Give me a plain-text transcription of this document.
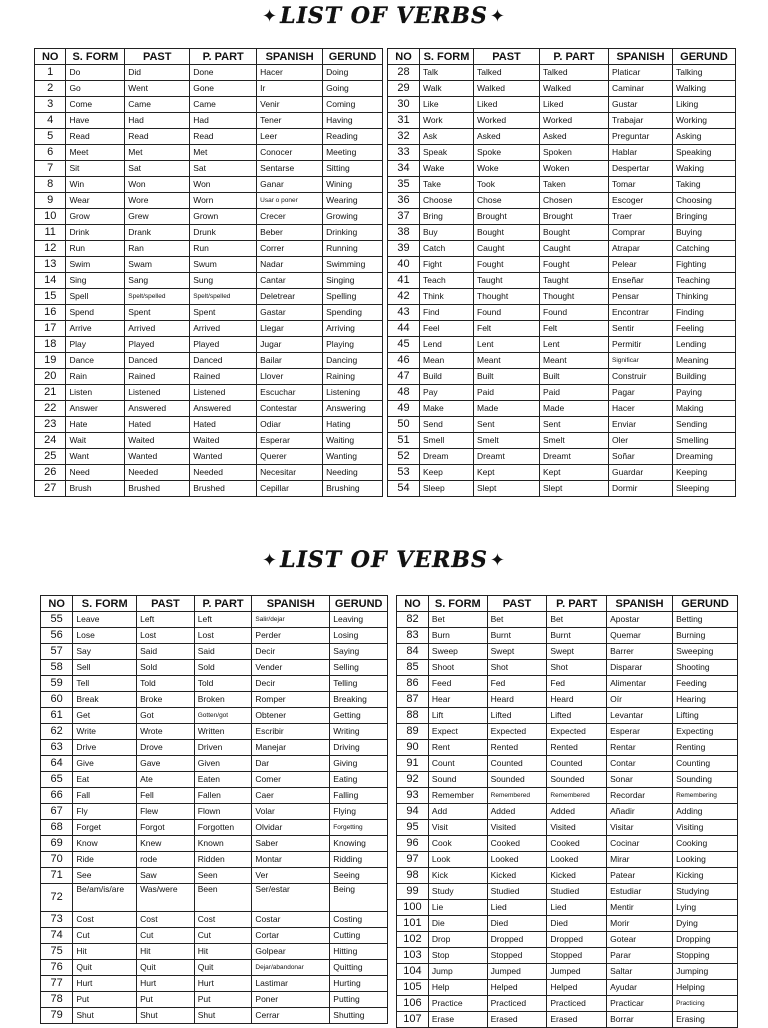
✦LIST OF VERBS ✦
NO	S. FORM	PAST	P. PART	SPANISH	GERUND
1	Do	Did	Done	Hacer	Doing
2	Go	Went	Gone	Ir	Going
3	Come	Came	Came	Venir	Coming
4	Have	Had	Had	Tener	Having
5	Read	Read	Read	Leer	Reading
6	Meet	Met	Met	Conocer	Meeting
7	Sit	Sat	Sat	Sentarse	Sitting
8	Win	Won	Won	Ganar	Wining
9	Wear	Wore	Worn	Usar o poner	Wearing
10	Grow	Grew	Grown	Crecer	Growing
11	Drink	Drank	Drunk	Beber	Drinking
12	Run	Ran	Run	Correr	Running
13	Swim	Swam	Swum	Nadar	Swimming
14	Sing	Sang	Sung	Cantar	Singing
15	Spell	Spelt/spelled	Spelt/spelled	Deletrear	Spelling
16	Spend	Spent	Spent	Gastar	Spending
17	Arrive	Arrived	Arrived	Llegar	Arriving
18	Play	Played	Played	Jugar	Playing
19	Dance	Danced	Danced	Bailar	Dancing
20	Rain	Rained	Rained	Llover	Raining
21	Listen	Listened	Listened	Escuchar	Listening
22	Answer	Answered	Answered	Contestar	Answering
23	Hate	Hated	Hated	Odiar	Hating
24	Wait	Waited	Waited	Esperar	Waiting
25	Want	Wanted	Wanted	Querer	Wanting
26	Need	Needed	Needed	Necesitar	Needing
27	Brush	Brushed	Brushed	Cepillar	Brushing
NO	S. FORM	PAST	P. PART	SPANISH	GERUND
28	Talk	Talked	Talked	Platicar	Talking
29	Walk	Walked	Walked	Caminar	Walking
30	Like	Liked	Liked	Gustar	Liking
31	Work	Worked	Worked	Trabajar	Working
32	Ask	Asked	Asked	Preguntar	Asking
33	Speak	Spoke	Spoken	Hablar	Speaking
34	Wake	Woke	Woken	Despertar	Waking
35	Take	Took	Taken	Tomar	Taking
36	Choose	Chose	Chosen	Escoger	Choosing
37	Bring	Brought	Brought	Traer	Bringing
38	Buy	Bought	Bought	Comprar	Buying
39	Catch	Caught	Caught	Atrapar	Catching
40	Fight	Fought	Fought	Pelear	Fighting
41	Teach	Taught	Taught	Enseñar	Teaching
42	Think	Thought	Thought	Pensar	Thinking
43	Find	Found	Found	Encontrar	Finding
44	Feel	Felt	Felt	Sentir	Feeling
45	Lend	Lent	Lent	Permitir	Lending
46	Mean	Meant	Meant	Significar	Meaning
47	Build	Built	Built	Construir	Building
48	Pay	Paid	Paid	Pagar	Paying
49	Make	Made	Made	Hacer	Making
50	Send	Sent	Sent	Enviar	Sending
51	Smell	Smelt	Smelt	Oler	Smelling
52	Dream	Dreamt	Dreamt	Soñar	Dreaming
53	Keep	Kept	Kept	Guardar	Keeping
54	Sleep	Slept	Slept	Dormir	Sleeping
✦LIST OF VERBS ✦
NO	S. FORM	PAST	P. PART	SPANISH	GERUND
55	Leave	Left	Left	Salir/dejar	Leaving
56	Lose	Lost	Lost	Perder	Losing
57	Say	Said	Said	Decir	Saying
58	Sell	Sold	Sold	Vender	Selling
59	Tell	Told	Told	Decir	Telling
60	Break	Broke	Broken	Romper	Breaking
61	Get	Got	Gotten/got	Obtener	Getting
62	Write	Wrote	Written	Escribir	Writing
63	Drive	Drove	Driven	Manejar	Driving
64	Give	Gave	Given	Dar	Giving
65	Eat	Ate	Eaten	Comer	Eating
66	Fall	Fell	Fallen	Caer	Falling
67	Fly	Flew	Flown	Volar	Flying
68	Forget	Forgot	Forgotten	Olvidar	Forgetting
69	Know	Knew	Known	Saber	Knowing
70	Ride	rode	Ridden	Montar	Ridding
71	See	Saw	Seen	Ver	Seeing
72	Be/am/is/are	Was/were	Been	Ser/estar	Being
73	Cost	Cost	Cost	Costar	Costing
74	Cut	Cut	Cut	Cortar	Cutting
75	Hit	Hit	Hit	Golpear	Hitting
76	Quit	Quit	Quit	Dejar/abandonar	Quitting
77	Hurt	Hurt	Hurt	Lastimar	Hurting
78	Put	Put	Put	Poner	Putting
79	Shut	Shut	Shut	Cerrar	Shutting
NO	S. FORM	PAST	P. PART	SPANISH	GERUND
82	Bet	Bet	Bet	Apostar	Betting
83	Burn	Burnt	Burnt	Quemar	Burning
84	Sweep	Swept	Swept	Barrer	Sweeping
85	Shoot	Shot	Shot	Disparar	Shooting
86	Feed	Fed	Fed	Alimentar	Feeding
87	Hear	Heard	Heard	Oír	Hearing
88	Lift	Lifted	Lifted	Levantar	Lifting
89	Expect	Expected	Expected	Esperar	Expecting
90	Rent	Rented	Rented	Rentar	Renting
91	Count	Counted	Counted	Contar	Counting
92	Sound	Sounded	Sounded	Sonar	Sounding
93	Remember	Remembered	Remembered	Recordar	Remembering
94	Add	Added	Added	Añadir	Adding
95	Visit	Visited	Visited	Visitar	Visiting
96	Cook	Cooked	Cooked	Cocinar	Cooking
97	Look	Looked	Looked	Mirar	Looking
98	Kick	Kicked	Kicked	Patear	Kicking
99	Study	Studied	Studied	Estudiar	Studying
100	Lie	Lied	Lied	Mentir	Lying
101	Die	Died	Died	Morir	Dying
102	Drop	Dropped	Dropped	Gotear	Dropping
103	Stop	Stopped	Stopped	Parar	Stopping
104	Jump	Jumped	Jumped	Saltar	Jumping
105	Help	Helped	Helped	Ayudar	Helping
106	Practice	Practiced	Practiced	Practicar	Practicing
107	Erase	Erased	Erased	Borrar	Erasing
